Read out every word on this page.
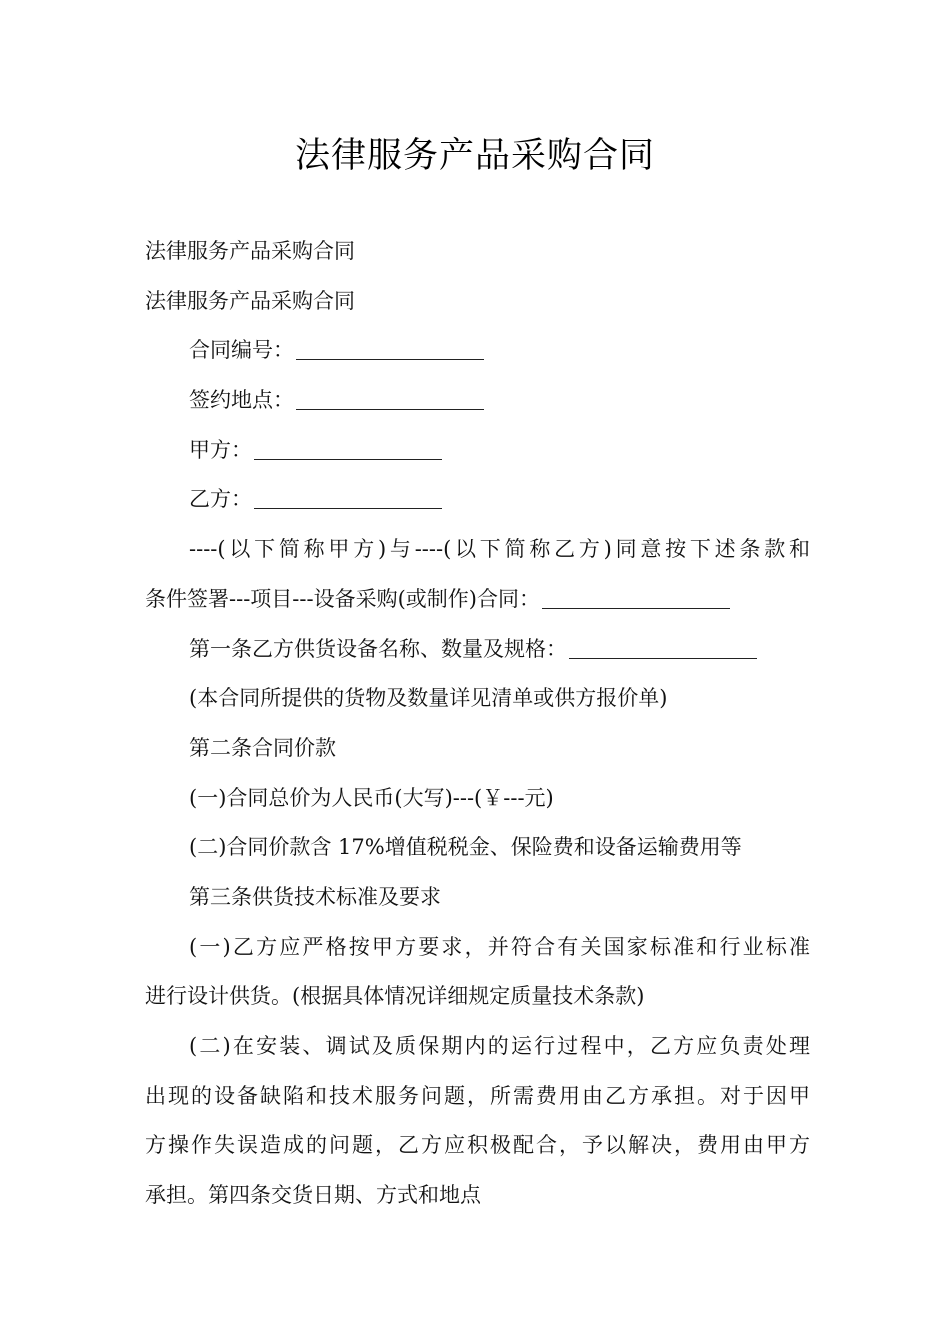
法律服务产品采购合同
法律服务产品采购合同
法律服务产品采购合同
合同编号：
签约地点：
甲方：
乙方：
----(以下简称甲方)与----(以下简称乙方)同意按下述条款和
条件签署---项目---设备采购(或制作)合同：
第一条乙方供货设备名称、数量及规格：
(本合同所提供的货物及数量详见清单或供方报价单)
第二条合同价款
(一)合同总价为人民币(大写)---(￥---元)
(二)合同价款含 17%增值税税金、保险费和设备运输费用等
第三条供货技术标准及要求
(一)乙方应严格按甲方要求，并符合有关国家标准和行业标准
进行设计供货。(根据具体情况详细规定质量技术条款)
(二)在安装、调试及质保期内的运行过程中，乙方应负责处理
出现的设备缺陷和技术服务问题，所需费用由乙方承担。对于因甲
方操作失误造成的问题，乙方应积极配合，予以解决，费用由甲方
承担。第四条交货日期、方式和地点
